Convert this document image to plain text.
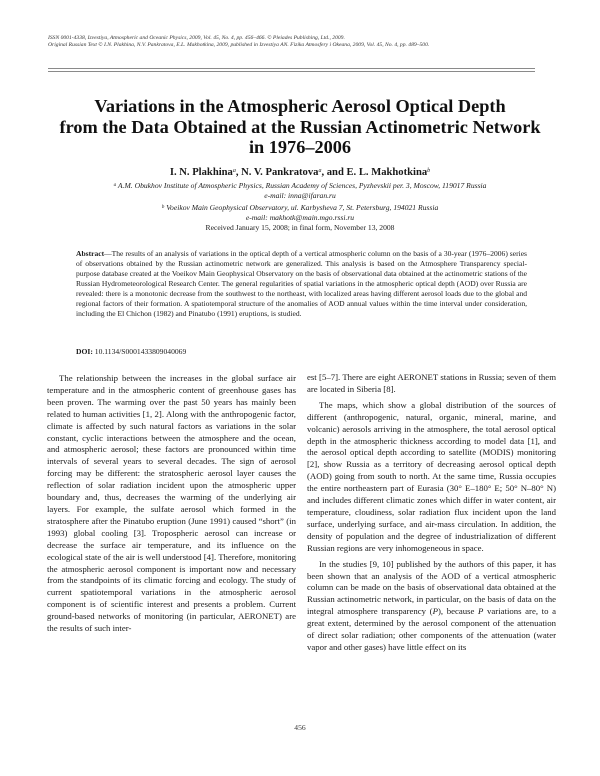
ISSN 0001-4338, Izvestiya, Atmospheric and Oceanic Physics, 2009, Vol. 45, No. 4, pp. 456–466. © Pleiades Publishing, Ltd., 2009.
Original Russian Text © I.N. Plakhina, N.V. Pankratova, E.L. Makhotkina, 2009, published in Izvestiya AN. Fizika Atmosfery i Okeana, 2009, Vol. 45, No. 4, pp. 489–500.
Variations in the Atmospheric Aerosol Optical Depth
from the Data Obtained at the Russian Actinometric Network
in 1976–2006
I. N. Plakhina$^a$, N. V. Pankratova$^a$, and E. L. Makhotkina$^b$
$^a$ A.M. Obukhov Institute of Atmospheric Physics, Russian Academy of Sciences, Pyzhevskii per. 3, Moscow, 119017 Russia
e-mail: inna@ifaran.ru
$^b$ Voeikov Main Geophysical Observatory, ul. Karbysheva 7, St. Petersburg, 194021 Russia
e-mail: makhotk@main.mgo.rssi.ru
Received January 15, 2008; in final form, November 13, 2008
Abstract—The results of an analysis of variations in the optical depth of a vertical atmospheric column on the basis of a 30-year (1976–2006) series of observations obtained by the Russian actinometric network are generalized. This analysis is based on the Atmosphere Transparency special-purpose database created at the Voeikov Main Geophysical Observatory on the basis of observational data obtained at the actinometric stations of the Russian Hydrometeorological Research Center. The general regularities of spatial variations in the atmospheric optical depth (AOD) over Russia are revealed: there is a monotonic decrease from the southwest to the northeast, with localized areas having different aerosol loads due to the global and regional factors of their formation. A spatiotemporal structure of the anomalies of AOD annual values within the time interval under consideration, including the El Chichon (1982) and Pinatubo (1991) eruptions, is studied.
DOI: 10.1134/S0001433809040069

The relationship between the increases in the global surface air temperature and in the atmospheric content of greenhouse gases has been proven. The warming over the past 50 years has mainly been related to human activities [1, 2]. Along with the anthropogenic factor, climate is affected by such natural factors as variations in the solar constant, cyclic interactions between the atmosphere and the ocean, and atmospheric aerosol; these factors are pronounced within time intervals of several years to several decades. The sign of aerosol forcing may be different: the stratospheric aerosol layer causes the reflection of solar radiation incident upon the atmospheric upper boundary and, thus, decreases the warming of the underlying air layers. For example, the sulfate aerosol which formed in the stratosphere after the Pinatubo eruption (June 1991) caused “short” (in 1993) global cooling [3]. Tropospheric aerosol can increase or decrease the surface air temperature, and its influence on the ecological state of the air is well understood [4]. Therefore, monitoring the atmospheric aerosol component is important now and necessary from the standpoints of its climatic forcing and ecology. The study of current spatiotemporal variations in the atmospheric aerosol component is of scientific interest and presents a problem. Current ground-based networks of monitoring (in particular, AERONET) are the results of such inter-

est [5–7]. There are eight AERONET stations in Russia; seven of them are located in Siberia [8].

The maps, which show a global distribution of the sources of different (anthropogenic, natural, organic, mineral, marine, and volcanic) aerosols arriving in the atmosphere, the total aerosol optical depth in the atmospheric thickness according to model data [1], and the aerosol optical depth according to satellite (MODIS) monitoring [2], show Russia as a territory of decreasing aerosol optical depth (AOD) going from south to north. At the same time, Russia occupies the entire northeastern part of Eurasia (30° E–180° E; 50° N–80° N) and includes different climatic zones which differ in water content, air temperature, cloudiness, solar radiation flux incident upon the land surface, underlying surface, and air-mass circulation. In addition, the density of population and the degree of industrialization of different Russian regions are very inhomogeneous in space.

In the studies [9, 10] published by the authors of this paper, it has been shown that an analysis of the AOD of a vertical atmospheric column can be made on the basis of observational data obtained at the Russian actinometric network, in particular, on the basis of data on the integral atmosphere transparency (P), because P variations are, to a great extent, determined by the aerosol component of the attenuation of direct solar radiation; other components of the attenuation (water vapor and other gases) have little effect on its

456
